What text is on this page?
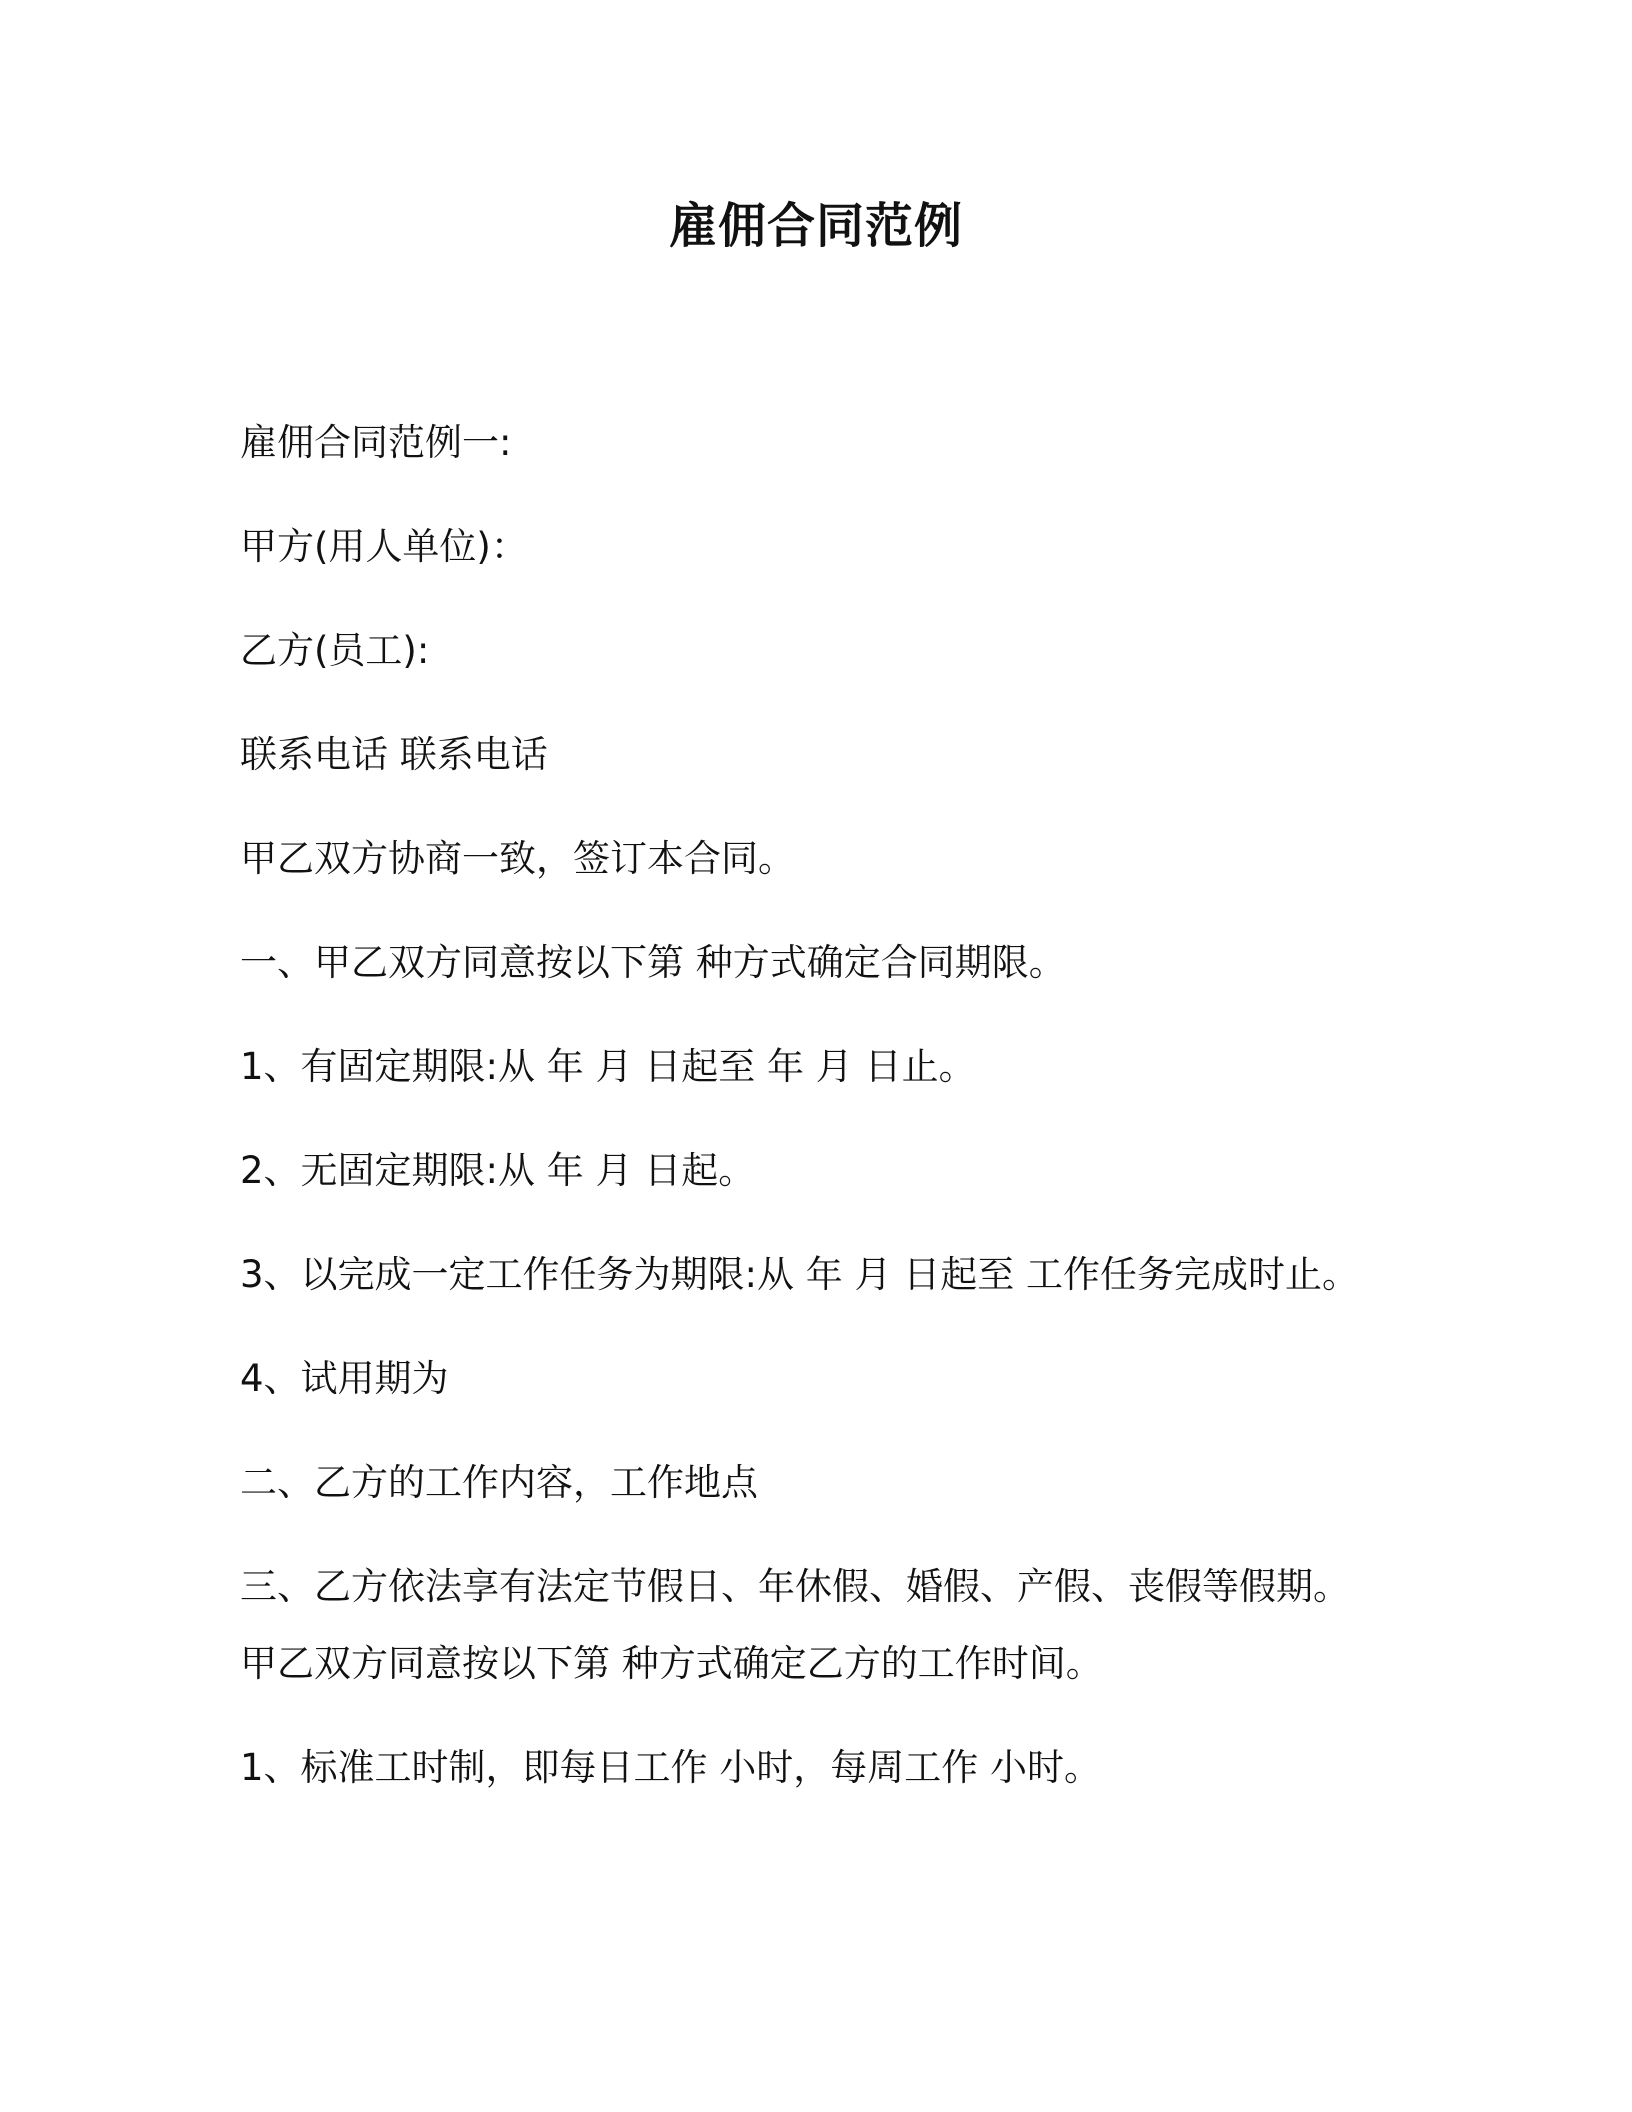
雇佣合同范例
雇佣合同范例一:
甲方(用人单位)：
乙方(员工):
联系电话 联系电话
甲乙双方协商一致，签订本合同。
一、甲乙双方同意按以下第 种方式确定合同期限。
1、有固定期限:从 年 月 日起至 年 月 日止。
2、无固定期限:从 年 月 日起。
3、以完成一定工作任务为期限:从 年 月 日起至 工作任务完成时止。
4、试用期为
二、乙方的工作内容，工作地点
三、乙方依法享有法定节假日、年休假、婚假、产假、丧假等假期。
甲乙双方同意按以下第 种方式确定乙方的工作时间。
1、标准工时制，即每日工作 小时，每周工作 小时。
